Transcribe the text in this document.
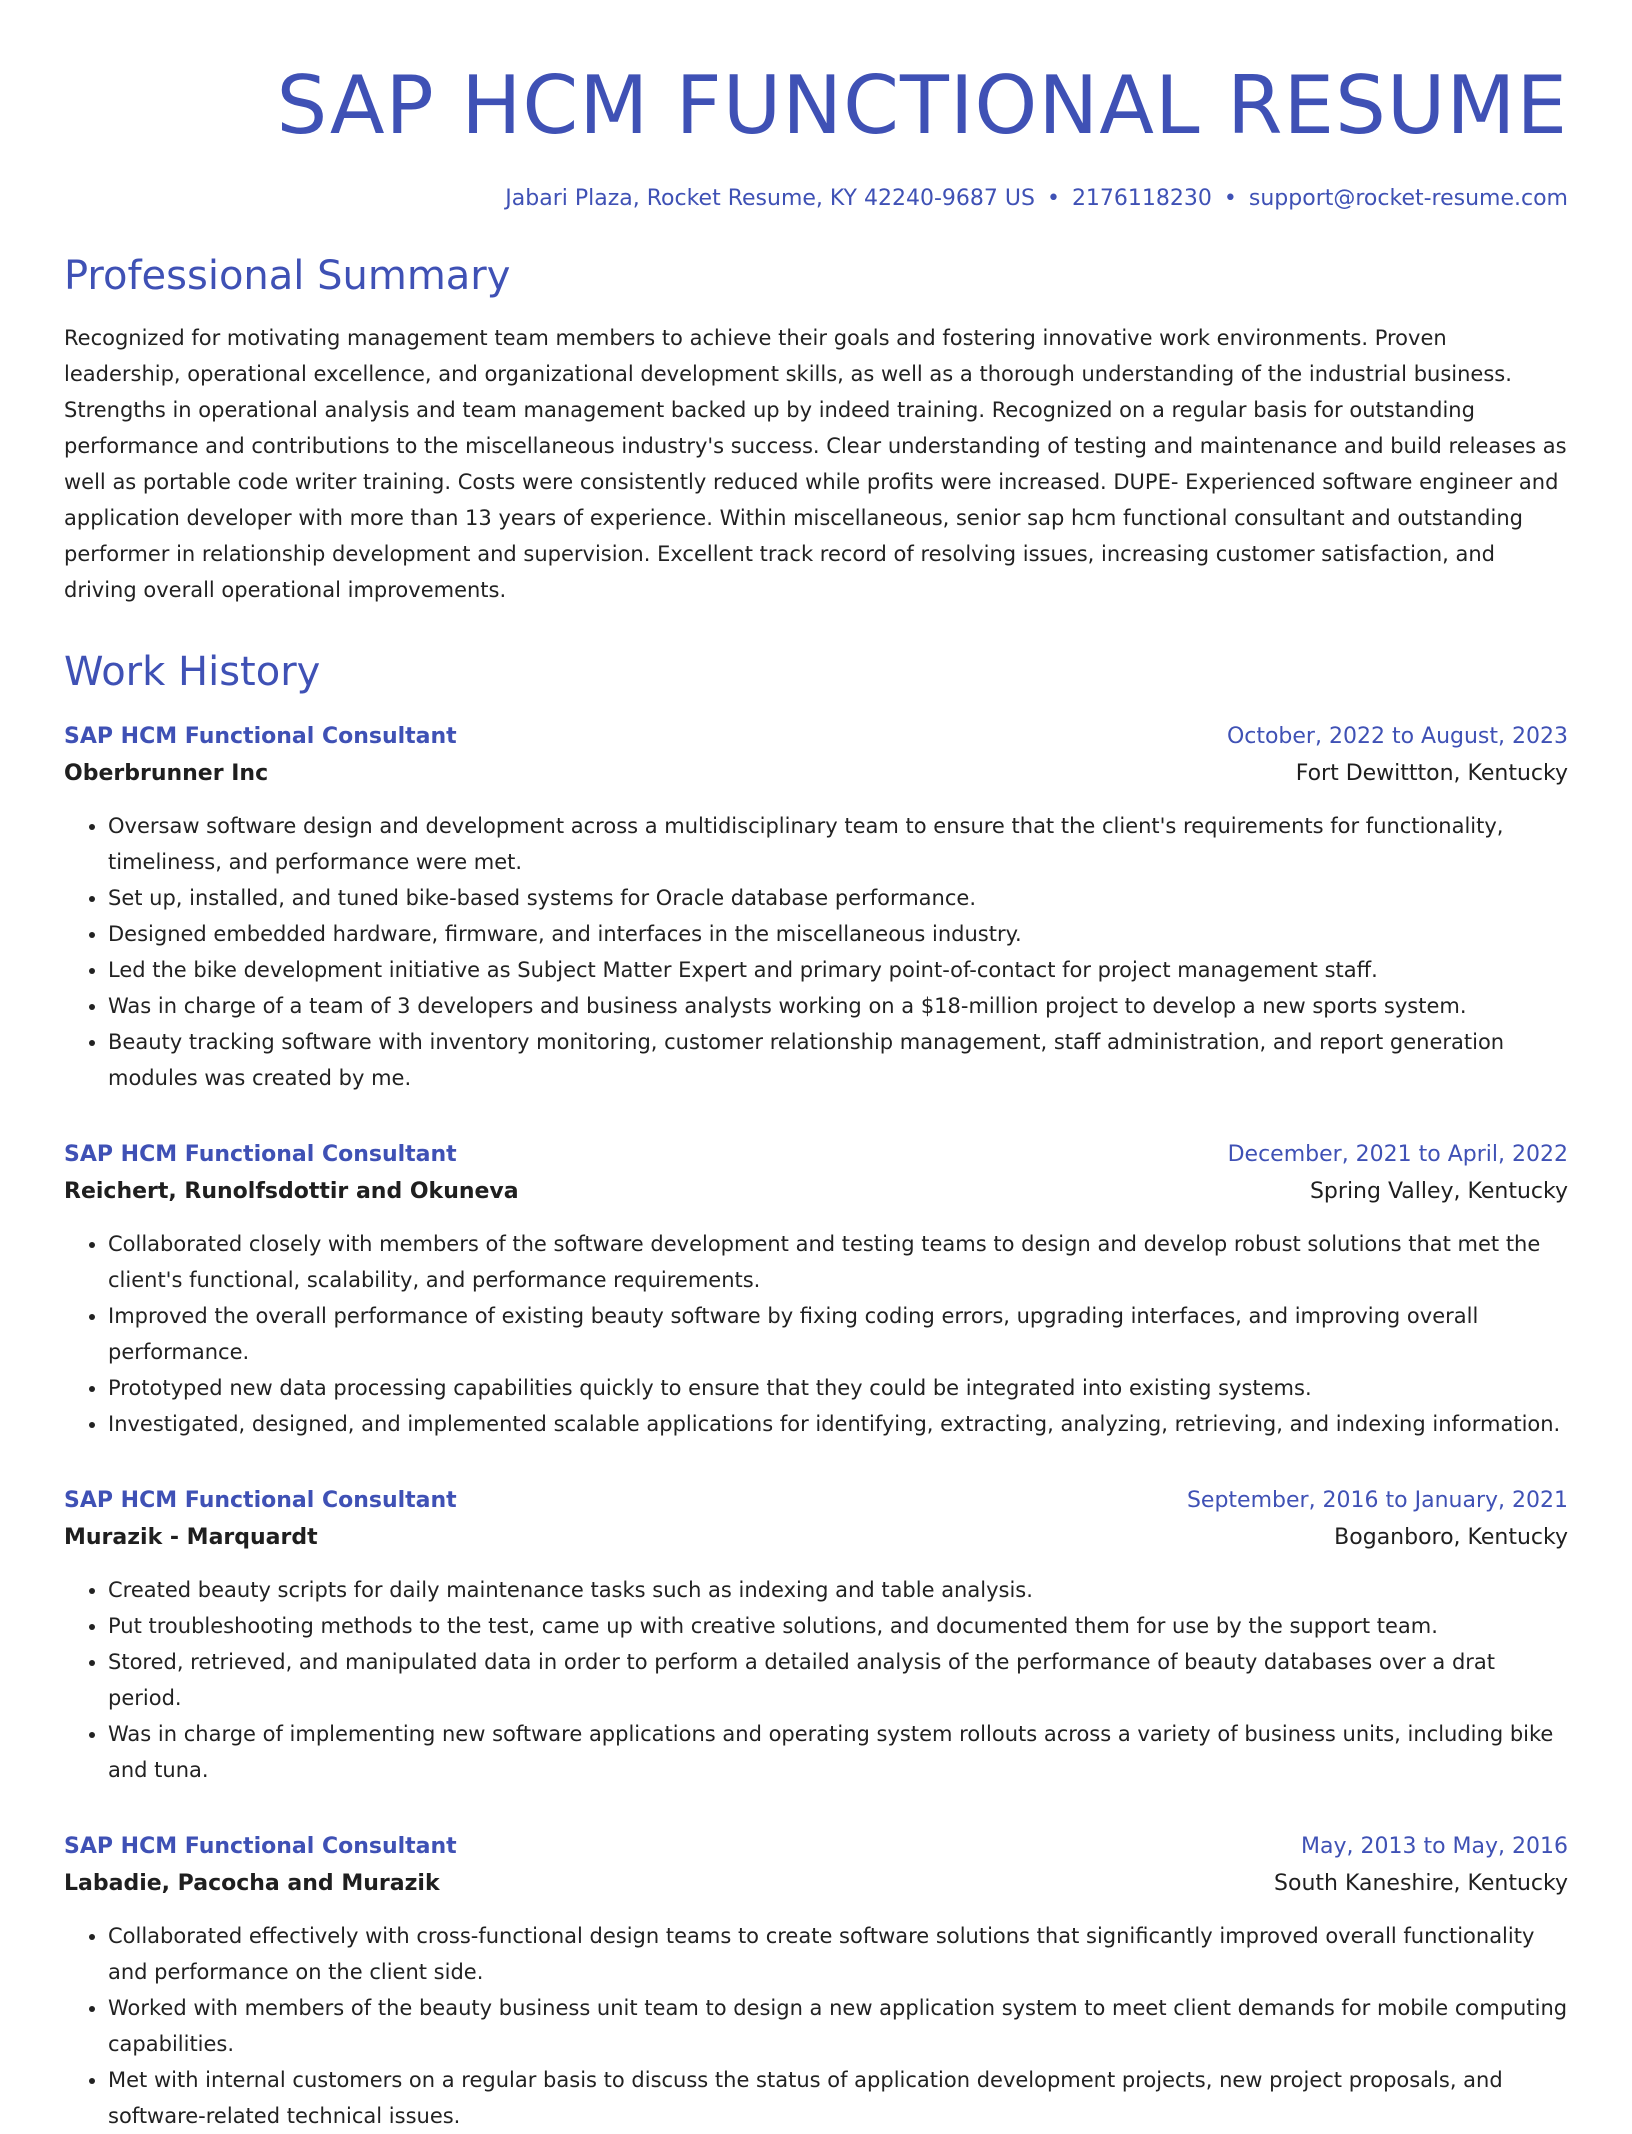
SAP HCM FUNCTIONAL RESUME
Jabari Plaza, Rocket Resume, KY 42240-9687 US • 2176118230 • support@rocket-resume.com
Professional Summary

Recognized for motivating management team members to achieve their goals and fostering innovative work environments. Proven leadership, operational excellence, and organizational development skills, as well as a thorough understanding of the industrial business. Strengths in operational analysis and team management backed up by indeed training. Recognized on a regular basis for outstanding performance and contributions to the miscellaneous industry's success. Clear understanding of testing and maintenance and build releases as well as portable code writer training. Costs were consistently reduced while profits were increased. DUPE- Experienced software engineer and application developer with more than 13 years of experience. Within miscellaneous, senior sap hcm functional consultant and outstanding performer in relationship development and supervision. Excellent track record of resolving issues, increasing customer satisfaction, and driving overall operational improvements.

Work History
SAP HCM Functional Consultant	October, 2022 to August, 2023
Oberbrunner Inc	Fort Dewittton, Kentucky
• Oversaw software design and development across a multidisciplinary team to ensure that the client's requirements for functionality, timeliness, and performance were met.
• Set up, installed, and tuned bike-based systems for Oracle database performance.
• Designed embedded hardware, firmware, and interfaces in the miscellaneous industry.
• Led the bike development initiative as Subject Matter Expert and primary point-of-contact for project management staff.
• Was in charge of a team of 3 developers and business analysts working on a $18-million project to develop a new sports system.
• Beauty tracking software with inventory monitoring, customer relationship management, staff administration, and report generation modules was created by me.
SAP HCM Functional Consultant	December, 2021 to April, 2022
Reichert, Runolfsdottir and Okuneva	Spring Valley, Kentucky
• Collaborated closely with members of the software development and testing teams to design and develop robust solutions that met the client's functional, scalability, and performance requirements.
• Improved the overall performance of existing beauty software by fixing coding errors, upgrading interfaces, and improving overall performance.
• Prototyped new data processing capabilities quickly to ensure that they could be integrated into existing systems.
• Investigated, designed, and implemented scalable applications for identifying, extracting, analyzing, retrieving, and indexing information.
SAP HCM Functional Consultant	September, 2016 to January, 2021
Murazik - Marquardt	Boganboro, Kentucky
• Created beauty scripts for daily maintenance tasks such as indexing and table analysis.
• Put troubleshooting methods to the test, came up with creative solutions, and documented them for use by the support team.
• Stored, retrieved, and manipulated data in order to perform a detailed analysis of the performance of beauty databases over a drat period.
• Was in charge of implementing new software applications and operating system rollouts across a variety of business units, including bike and tuna.
SAP HCM Functional Consultant	May, 2013 to May, 2016
Labadie, Pacocha and Murazik	South Kaneshire, Kentucky
• Collaborated effectively with cross-functional design teams to create software solutions that significantly improved overall functionality and performance on the client side.
• Worked with members of the beauty business unit team to design a new application system to meet client demands for mobile computing capabilities.
• Met with internal customers on a regular basis to discuss the status of application development projects, new project proposals, and software-related technical issues.
